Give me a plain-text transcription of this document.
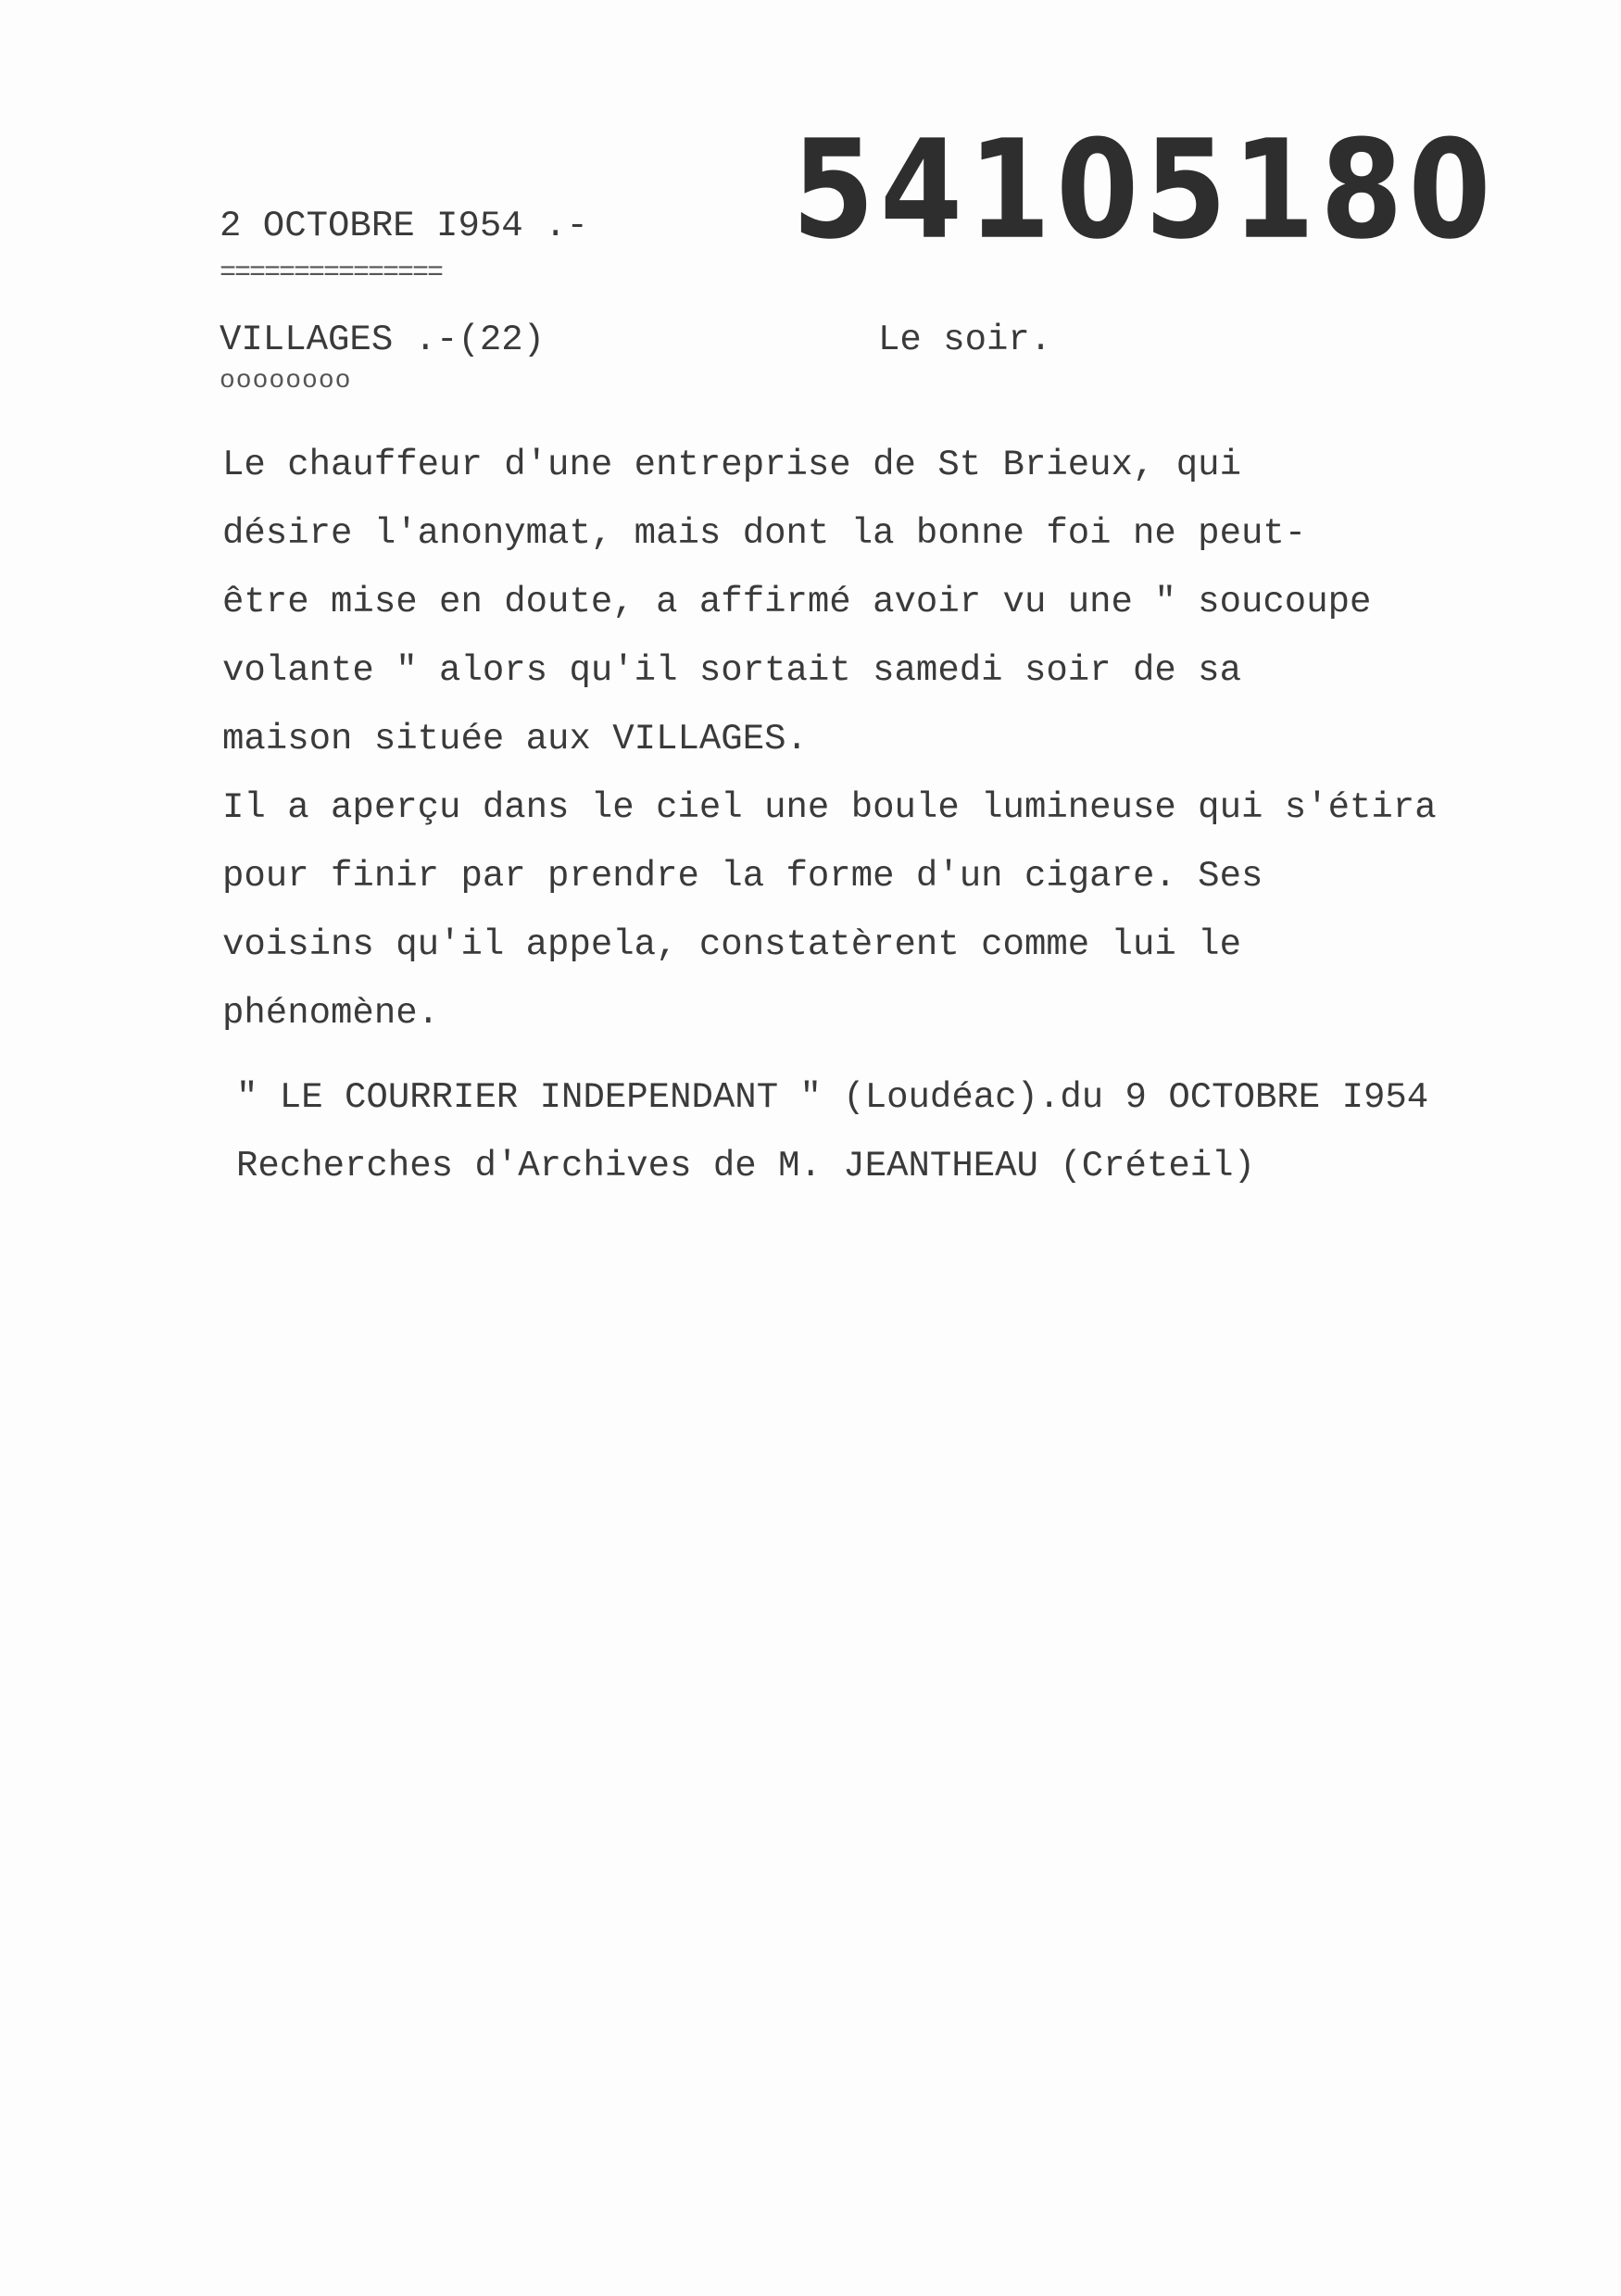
54105180
2 OCTOBRE I954 .-
===============
VILLAGES .-(22)
oooooooo
Le soir.
Le chauffeur d'une entreprise de St Brieux, qui
désire l'anonymat, mais dont la bonne foi ne peut-
être mise en doute, a affirmé avoir vu une " soucoupe
volante " alors qu'il sortait samedi soir de sa
maison située aux VILLAGES.
Il a aperçu dans le ciel une boule lumineuse qui s'étira
pour finir par prendre la forme d'un cigare. Ses
voisins qu'il appela, constatèrent comme lui le
phénomène.
" LE COURRIER INDEPENDANT " (Loudéac).du 9 OCTOBRE I954
Recherches d'Archives de M. JEANTHEAU (Créteil)
